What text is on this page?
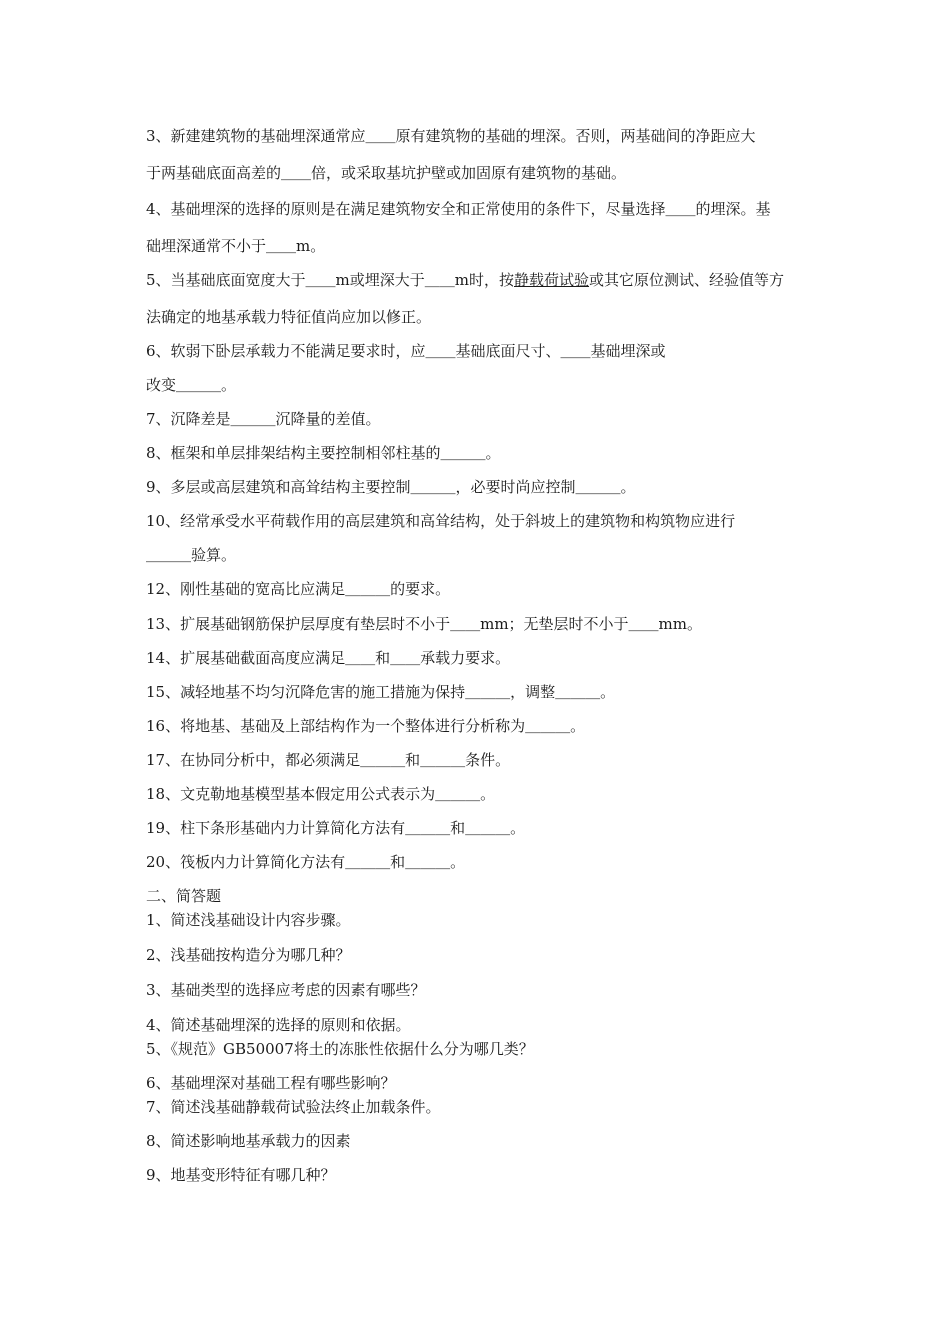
3、新建建筑物的基础埋深通常应＿＿原有建筑物的基础的埋深。否则，两基础间的净距应大
于两基础底面高差的＿＿倍，或采取基坑护壁或加固原有建筑物的基础。
4、基础埋深的选择的原则是在满足建筑物安全和正常使用的条件下，尽量选择＿＿的埋深。基
础埋深通常不小于＿＿m。
5、当基础底面宽度大于＿＿m或埋深大于＿＿m时，按静载荷试验或其它原位测试、经验值等方
法确定的地基承载力特征值尚应加以修正。
6、软弱下卧层承载力不能满足要求时，应＿＿基础底面尺寸、＿＿基础埋深或
改变＿＿＿。
7、沉降差是＿＿＿沉降量的差值。
8、框架和单层排架结构主要控制相邻柱基的＿＿＿。
9、多层或高层建筑和高耸结构主要控制＿＿＿，必要时尚应控制＿＿＿。
10、经常承受水平荷载作用的高层建筑和高耸结构，处于斜坡上的建筑物和构筑物应进行
＿＿＿验算。
12、刚性基础的宽高比应满足＿＿＿的要求。
13、扩展基础钢筋保护层厚度有垫层时不小于＿＿mm；无垫层时不小于＿＿mm。
14、扩展基础截面高度应满足＿＿和＿＿承载力要求。
15、减轻地基不均匀沉降危害的施工措施为保持＿＿＿，调整＿＿＿。
16、将地基、基础及上部结构作为一个整体进行分析称为＿＿＿。
17、在协同分析中，都必须满足＿＿＿和＿＿＿条件。
18、文克勒地基模型基本假定用公式表示为＿＿＿。
19、柱下条形基础内力计算简化方法有＿＿＿和＿＿＿。
20、筏板内力计算简化方法有＿＿＿和＿＿＿。
二、简答题
1、简述浅基础设计内容步骤。
2、浅基础按构造分为哪几种？
3、基础类型的选择应考虑的因素有哪些？
4、简述基础埋深的选择的原则和依据。
5、《规范》GB50007将土的冻胀性依据什么分为哪几类？
6、基础埋深对基础工程有哪些影响？
7、简述浅基础静载荷试验法终止加载条件。
8、简述影响地基承载力的因素
9、地基变形特征有哪几种？
